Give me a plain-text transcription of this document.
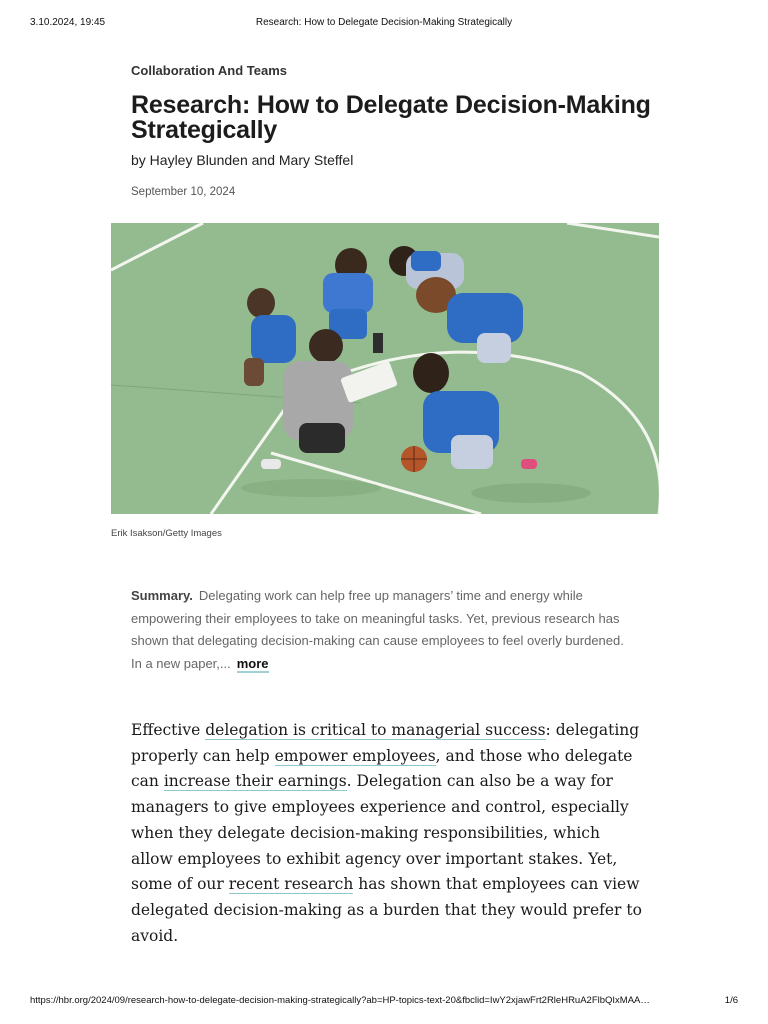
3.10.2024, 19:45	Research: How to Delegate Decision-Making Strategically
Collaboration And Teams
Research: How to Delegate Decision-Making Strategically
by Hayley Blunden and Mary Steffel
September 10, 2024
Erik Isakson/Getty Images

Summary. Delegating work can help free up managers’ time and energy while empowering their employees to take on meaningful tasks. Yet, previous research has shown that delegating decision-making can cause employees to feel overly burdened. In a new paper,... more

Effective delegation is critical to managerial success: delegating properly can help empower employees, and those who delegate can increase their earnings. Delegation can also be a way for managers to give employees experience and control, especially when they delegate decision-making responsibilities, which allow employees to exhibit agency over important stakes. Yet, some of our recent research has shown that employees can view delegated decision-making as a burden that they would prefer to avoid.

https://hbr.org/2024/09/research-how-to-delegate-decision-making-strategically?ab=HP-topics-text-20&fbclid=IwY2xjawFrt2RleHRuA2FlbQIxMAA…	1/6
